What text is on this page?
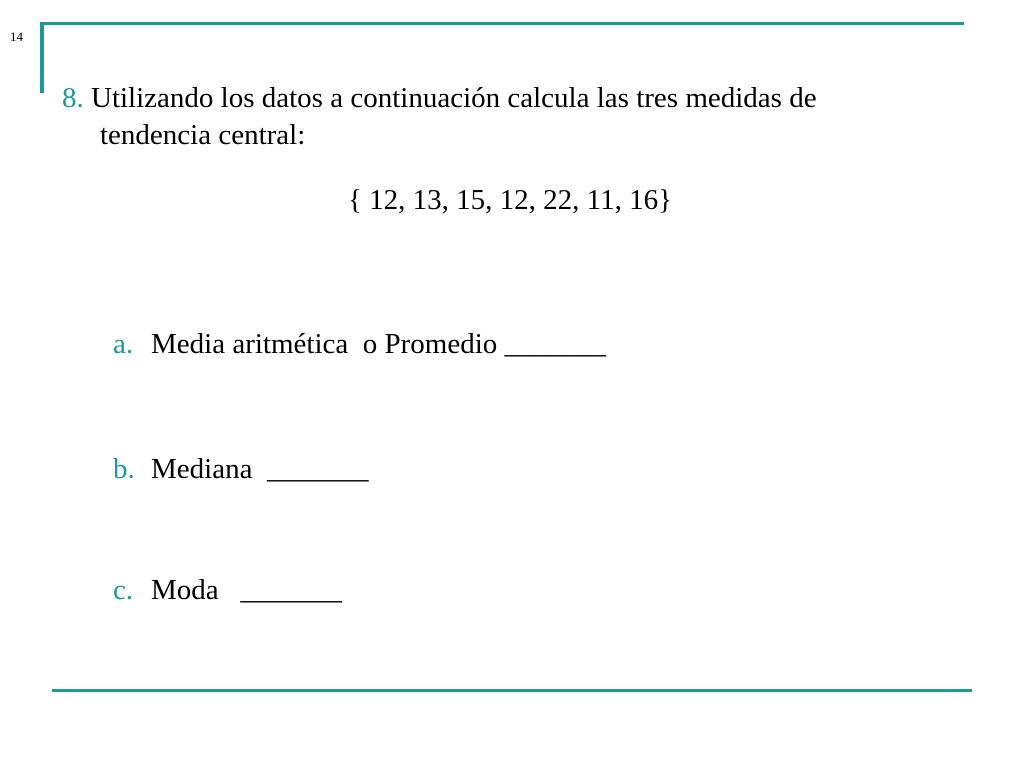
14
8. Utilizando los datos a continuación calcula las tres medidas de
tendencia central:
{ 12, 13, 15, 12, 22, 11, 16}
a. Media aritmética  o Promedio _______
b. Mediana  _______
c. Moda   _______
